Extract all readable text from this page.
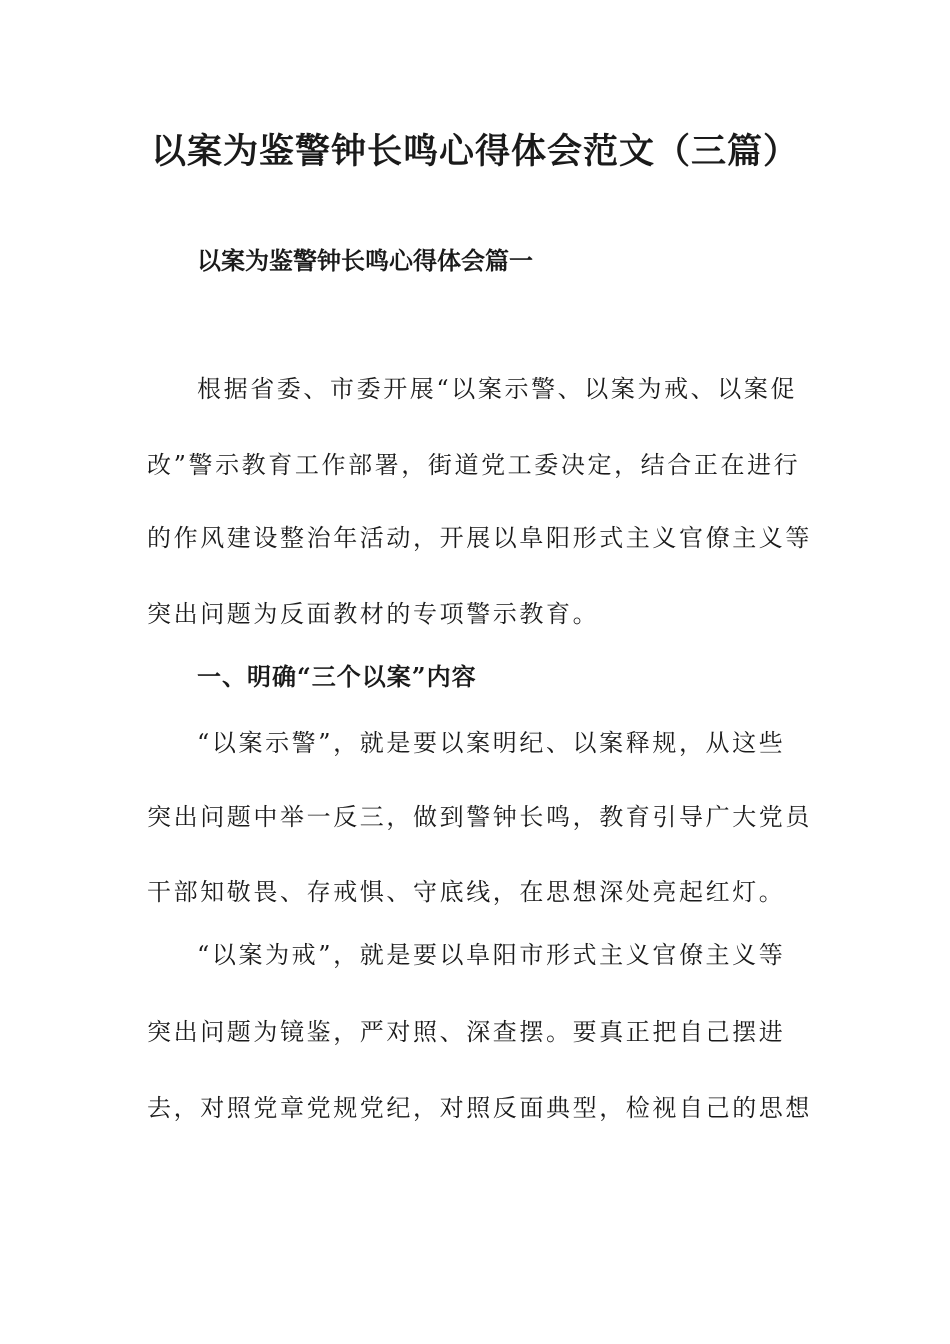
以案为鉴警钟长鸣心得体会范文（三篇）
以案为鉴警钟长鸣心得体会篇一
根据省委、市委开展“以案示警、以案为戒、以案促
改”警示教育工作部署，街道党工委决定，结合正在进行
的作风建设整治年活动，开展以阜阳形式主义官僚主义等
突出问题为反面教材的专项警示教育。
一、明确“三个以案”内容
“以案示警”，就是要以案明纪、以案释规，从这些
突出问题中举一反三，做到警钟长鸣，教育引导广大党员
干部知敬畏、存戒惧、守底线，在思想深处亮起红灯。
“以案为戒”，就是要以阜阳市形式主义官僚主义等
突出问题为镜鉴，严对照、深查摆。要真正把自己摆进
去，对照党章党规党纪，对照反面典型，检视自己的思想
